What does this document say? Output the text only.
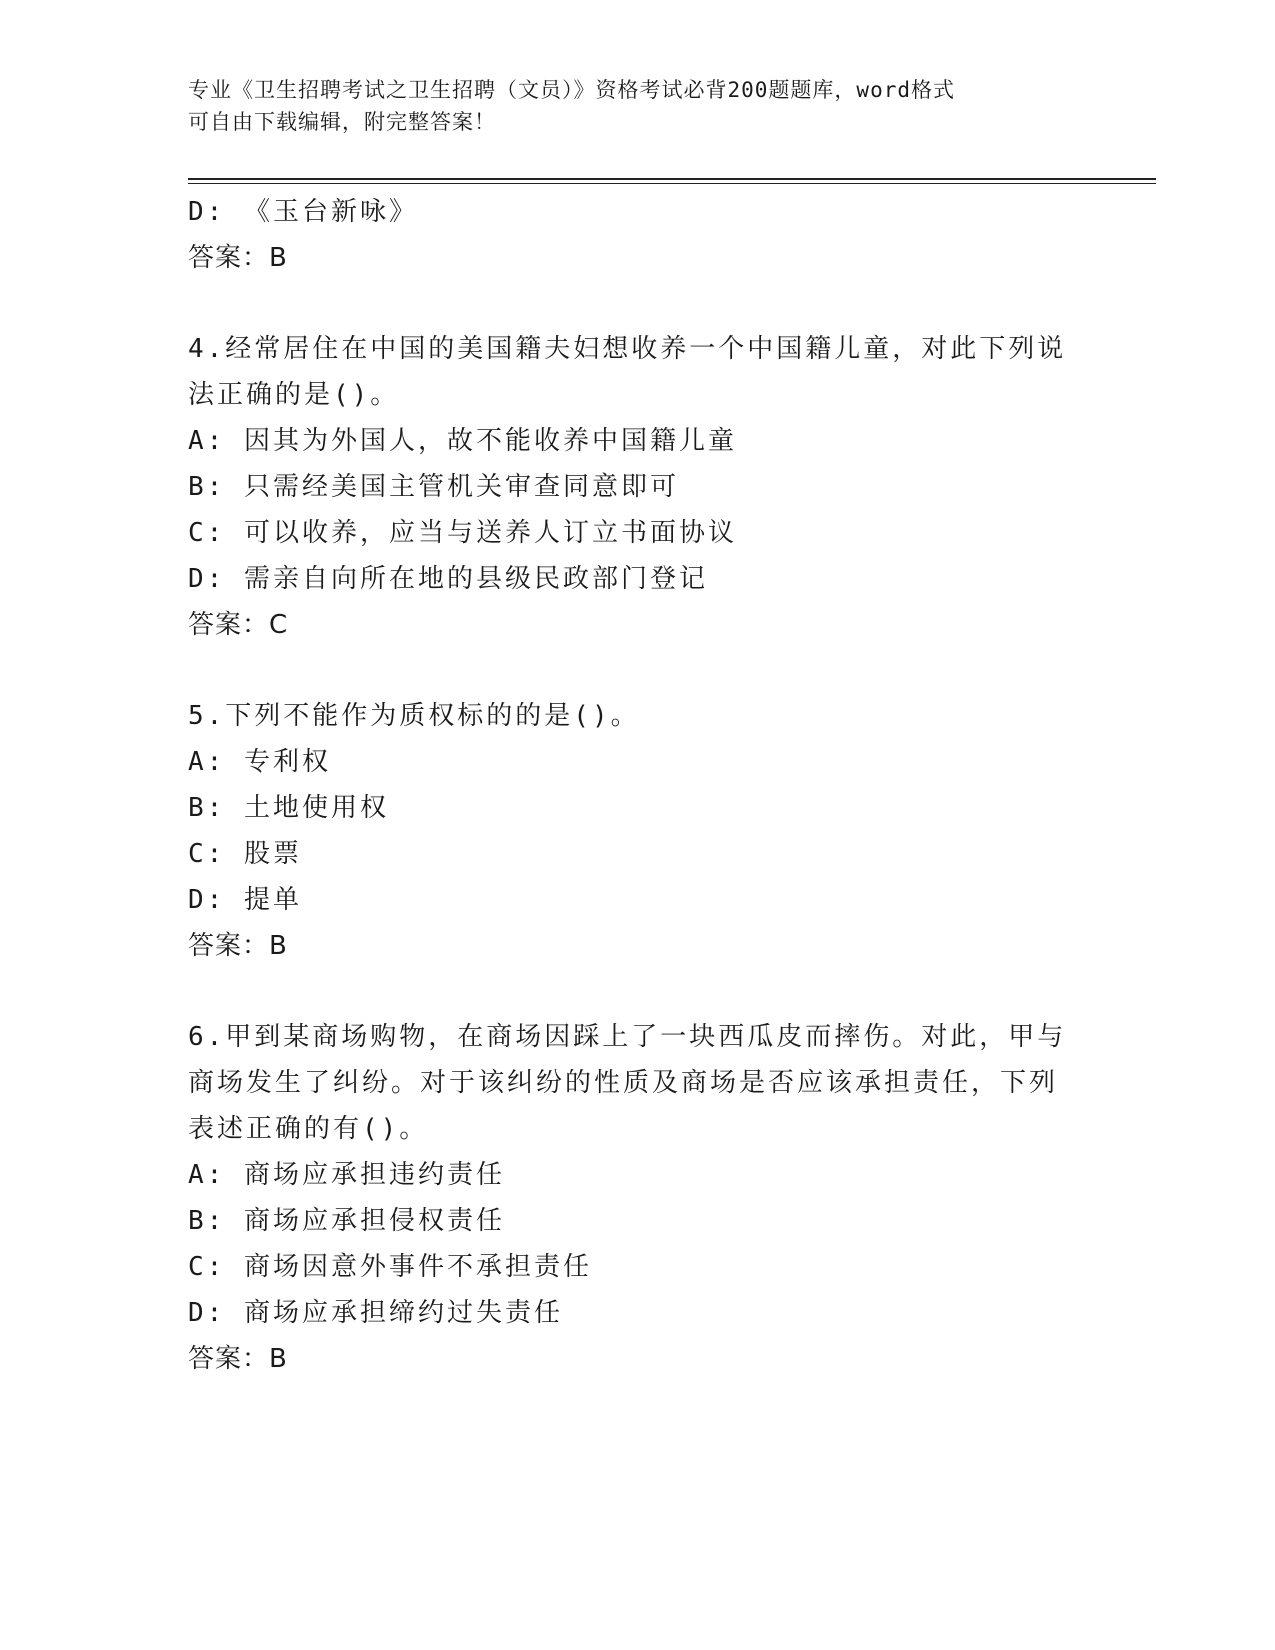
专业《卫生招聘考试之卫生招聘（文员）》资格考试必背200题题库，word格式
可自由下载编辑，附完整答案！
D: 《玉台新咏》
答案：B
4.经常居住在中国的美国籍夫妇想收养一个中国籍儿童，对此下列说
法正确的是()。
A: 因其为外国人，故不能收养中国籍儿童
B: 只需经美国主管机关审查同意即可
C: 可以收养，应当与送养人订立书面协议
D: 需亲自向所在地的县级民政部门登记
答案：C
5.下列不能作为质权标的的是()。
A: 专利权
B: 土地使用权
C: 股票
D: 提单
答案：B
6.甲到某商场购物，在商场因踩上了一块西瓜皮而摔伤。对此，甲与
商场发生了纠纷。对于该纠纷的性质及商场是否应该承担责任，下列
表述正确的有()。
A: 商场应承担违约责任
B: 商场应承担侵权责任
C: 商场因意外事件不承担责任
D: 商场应承担缔约过失责任
答案：B
